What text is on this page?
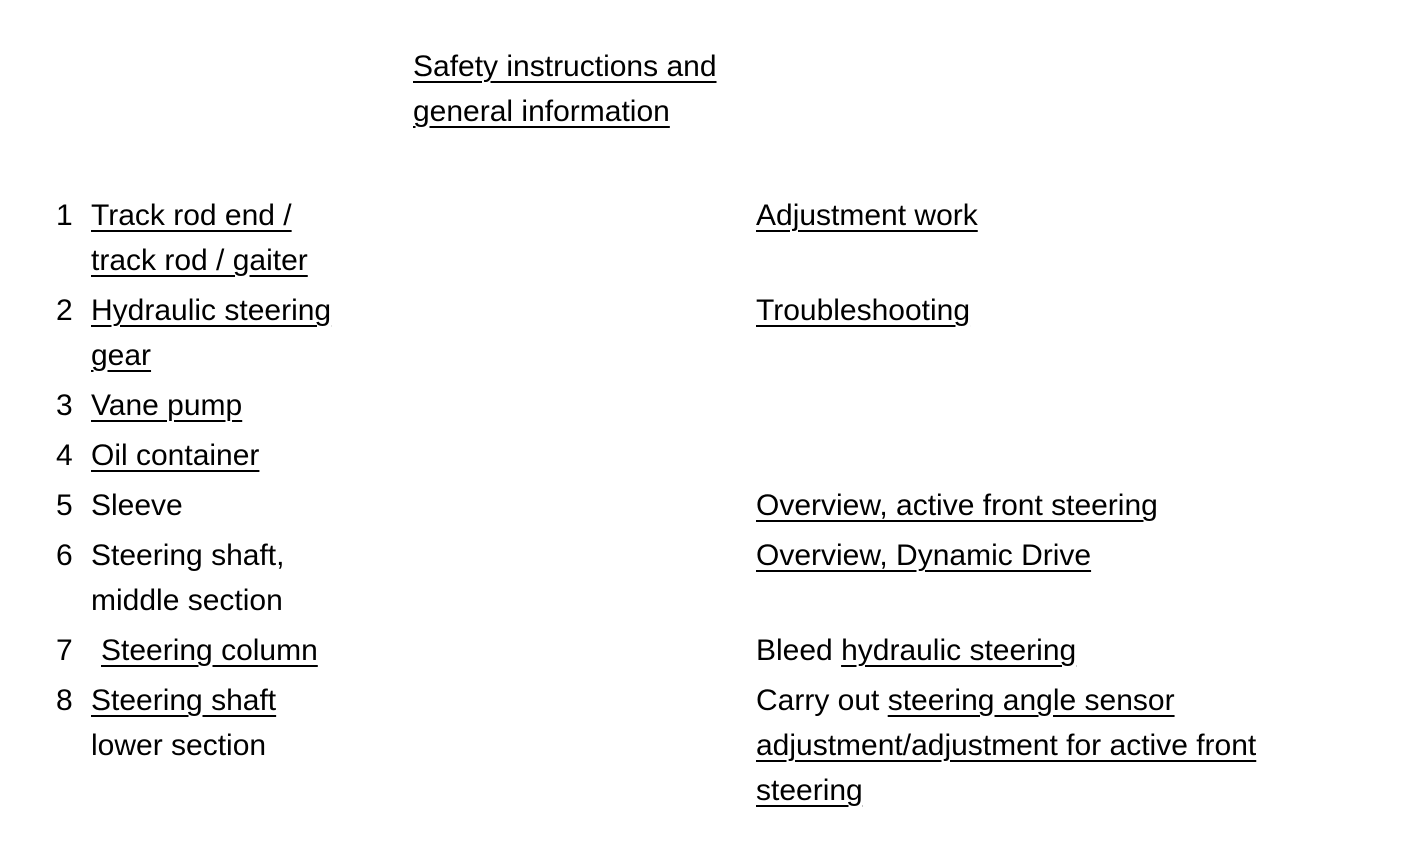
Safety instructions and
general information
1 Track rod end /
track rod / gaiter
2 Hydraulic steering
gear
3 Vane pump
4 Oil container
5 Sleeve
6 Steering shaft,
middle section
7 Steering column
8 Steering shaft
lower section
Adjustment work
Troubleshooting
Overview, active front steering
Overview, Dynamic Drive
Bleed hydraulic steering
Carry out steering angle sensor
adjustment/adjustment for active front
steering
